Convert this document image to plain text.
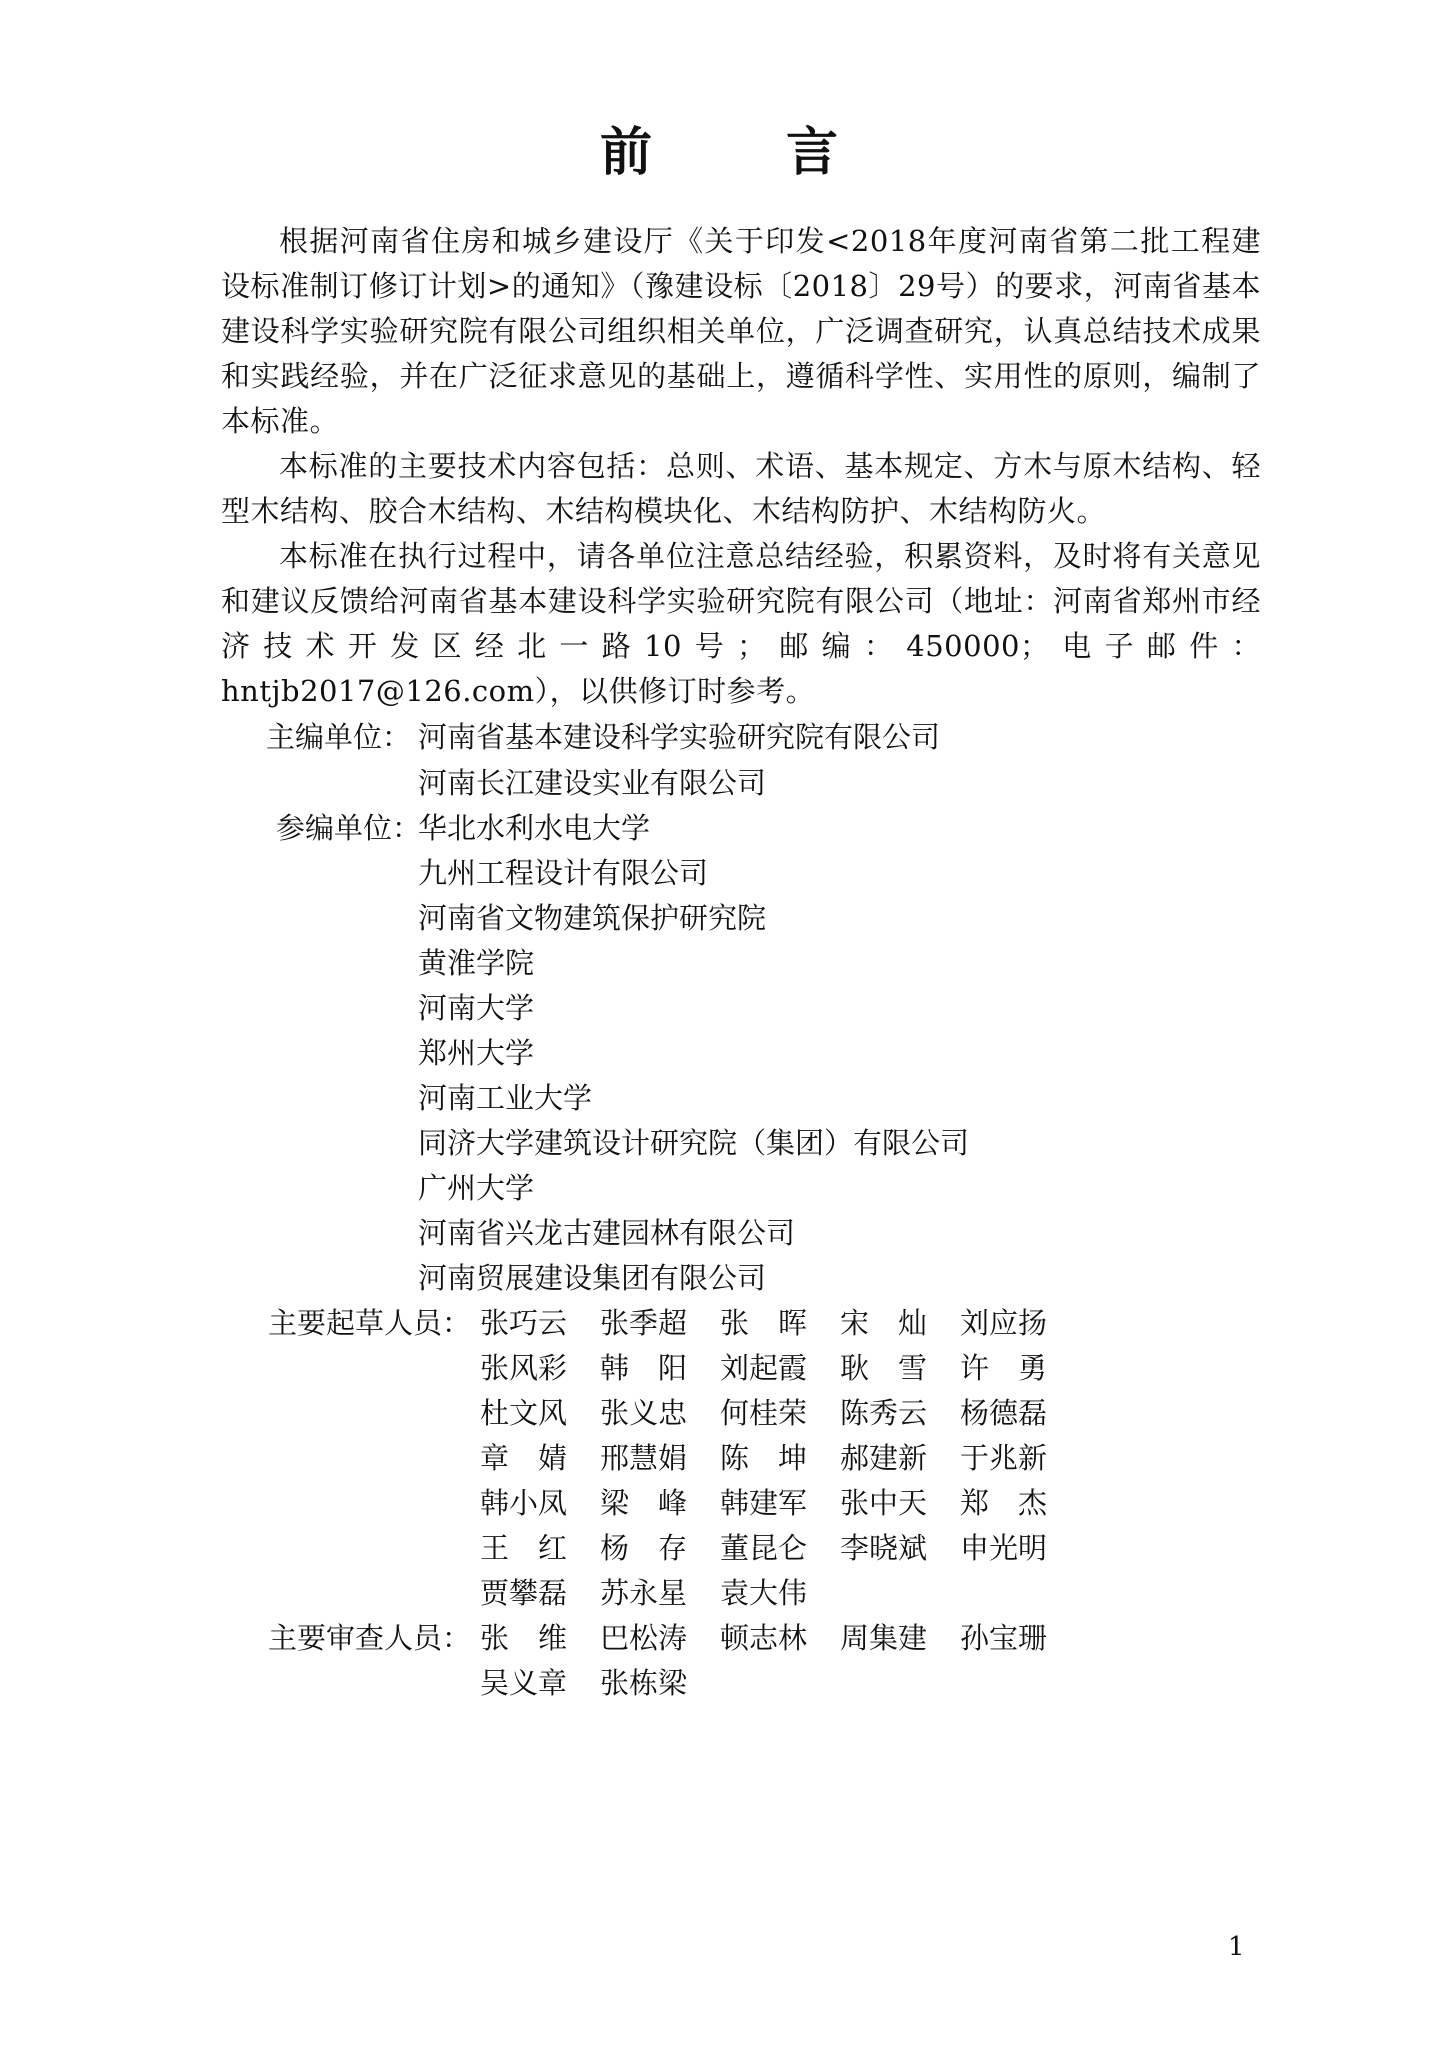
前 言

根据河南省住房和城乡建设厅《关于印发<2018年度河南省第二批工程建设标准制订修订计划>的通知》（豫建设标〔2018〕29号）的要求，河南省基本建设科学实验研究院有限公司组织相关单位，广泛调查研究，认真总结技术成果和实践经验，并在广泛征求意见的基础上，遵循科学性、实用性的原则，编制了本标准。

本标准的主要技术内容包括：总则、术语、基本规定、方木与原木结构、轻型木结构、胶合木结构、木结构模块化、木结构防护、木结构防火。

本标准在执行过程中，请各单位注意总结经验，积累资料，及时将有关意见和建议反馈给河南省基本建设科学实验研究院有限公司（地址：河南省郑州市经济技术开发区经北一路10号；邮编：450000；电子邮件：hntjb2017@126.com），以供修订时参考。

主编单位： 河南省基本建设科学实验研究院有限公司
河南长江建设实业有限公司
参编单位：
华北水利水电大学
九州工程设计有限公司
河南省文物建筑保护研究院
黄淮学院
河南大学
郑州大学
河南工业大学
同济大学建筑设计研究院（集团）有限公司
广州大学
河南省兴龙古建园林有限公司
河南贸展建设集团有限公司
主要起草人员： 张巧云	张季超	张　晖	宋　灿	刘应扬
张风彩	韩　阳	刘起霞	耿　雪	许　勇
杜文风	张义忠	何桂荣	陈秀云	杨德磊
章　婧	邢慧娟	陈　坤	郝建新	于兆新
韩小凤	梁　峰	韩建军	张中天	郑　杰
王　红	杨　存	董昆仑	李晓斌	申光明
贾攀磊	苏永星	袁大伟
主要审查人员： 张　维	巴松涛	顿志林	周集建	孙宝珊
吴义章	张栋梁
1
